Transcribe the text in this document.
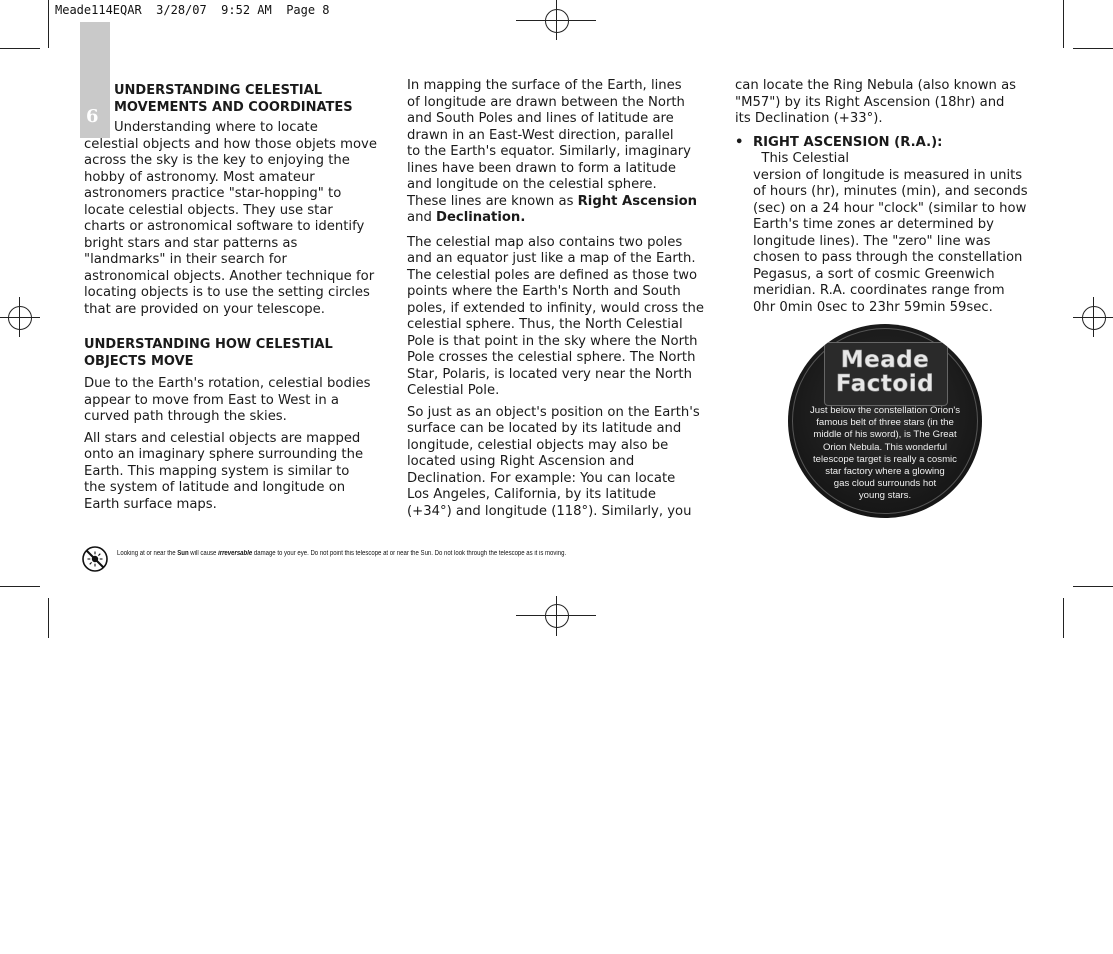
Meade114EQAR  3/28/07  9:52 AM  Page 8
6
UNDERSTANDING CELESTIAL
MOVEMENTS AND COORDINATES

Understanding where to locate
celestial objects and how those objets move
across the sky is the key to enjoying the
hobby of astronomy. Most amateur
astronomers practice "star-hopping" to
locate celestial objects. They use star
charts or astronomical software to identify
bright stars and star patterns as
"landmarks" in their search for
astronomical objects. Another technique for
locating objects is to use the setting circles
that are provided on your telescope.

UNDERSTANDING HOW CELESTIAL
OBJECTS MOVE

Due to the Earth's rotation, celestial bodies
appear to move from East to West in a
curved path through the skies.

All stars and celestial objects are mapped
onto an imaginary sphere surrounding the
Earth. This mapping system is similar to
the system of latitude and longitude on
Earth surface maps.

In mapping the surface of the Earth, lines
of longitude are drawn between the North
and South Poles and lines of latitude are
drawn in an East-West direction, parallel
to the Earth's equator. Similarly, imaginary
lines have been drawn to form a latitude
and longitude on the celestial sphere.
These lines are known as Right Ascension
and Declination.

The celestial map also contains two poles
and an equator just like a map of the Earth.
The celestial poles are defined as those two
points where the Earth's North and South
poles, if extended to infinity, would cross the
celestial sphere. Thus, the North Celestial
Pole is that point in the sky where the North
Pole crosses the celestial sphere. The North
Star, Polaris, is located very near the North
Celestial Pole.

So just as an object's position on the Earth's
surface can be located by its latitude and
longitude, celestial objects may also be
located using Right Ascension and
Declination. For example: You can locate
Los Angeles, California, by its latitude
(+34°) and longitude (118°). Similarly, you

can locate the Ring Nebula (also known as
"M57") by its Right Ascension (18hr) and
its Declination (+33°).

• RIGHT ASCENSION (R.A.):  This Celestial
version of longitude is measured in units
of hours (hr), minutes (min), and seconds
(sec) on a 24 hour "clock" (similar to how
Earth's time zones ar determined by
longitude lines). The "zero" line was
chosen to pass through the constellation
Pegasus, a sort of cosmic Greenwich
meridian. R.A. coordinates range from
0hr 0min 0sec to 23hr 59min 59sec.
Meade
Factoid
Just below the constellation Orion's
famous belt of three stars (in the
middle of his sword), is The Great
Orion Nebula. This wonderful
telescope target is really a cosmic
star factory where a glowing
gas cloud surrounds hot
young stars.
Looking at or near the Sun will cause irreversable damage to your eye. Do not point this telescope at or near the Sun. Do not look through the telescope as it is moving.
